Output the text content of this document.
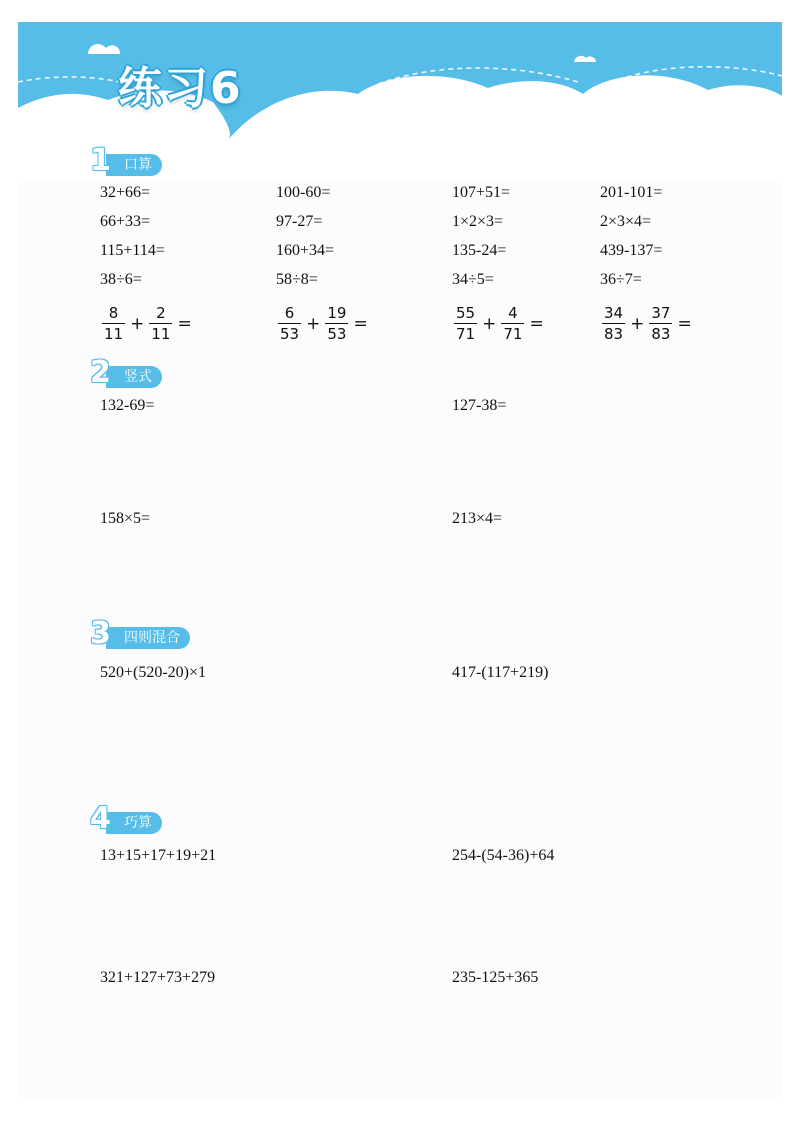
练习6
1 口算
32+66=	100-60=	107+51=	201-101=
66+33=	97-27=	1×2×3=	2×3×4=
115+114=	160+34=	135-24=	439-137=
38÷6=	58÷8=	34÷5=	36÷7=
$\frac{8}{11} + \frac{2}{11}$ =	$\frac{6}{53} + \frac{19}{53}$ =	$\frac{55}{71} + \frac{4}{71}$ =	$\frac{34}{83} + \frac{37}{83}$ =
2 竖式
132-69=	127-38=
158×5=	213×4=
3 四则混合
520+(520-20)×1	417-(117+219)
4 巧算
13+15+17+19+21	254-(54-36)+64
321+127+73+279	235-125+365
